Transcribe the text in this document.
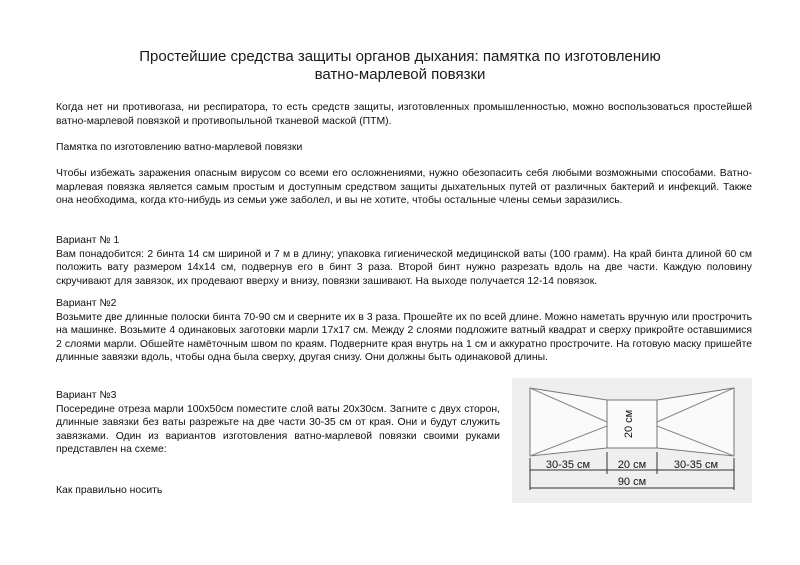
Простейшие средства защиты органов дыхания: памятка по изготовлению
ватно-марлевой повязки

Когда нет ни противогаза, ни респиратора, то есть средств защиты, изготовленных промышленностью, можно воспользоваться простейшей ватно-марлевой повязкой и противопыльной тканевой маской (ПТМ).

Памятка по изготовлению ватно-марлевой повязки

Чтобы избежать заражения опасным вирусом со всеми его осложнениями, нужно обезопасить себя любыми возможными способами. Ватно-марлевая повязка является самым простым и доступным средством защиты дыхательных путей от различных бактерий и инфекций. Также она необходима, когда кто-нибудь из семьи уже заболел, и вы не хотите, чтобы остальные члены семьи заразились.

Вариант № 1

Вам понадобится: 2 бинта 14 см шириной и 7 м в длину; упаковка гигиенической медицинской ваты (100 грамм). На край бинта длиной 60 см положить вату размером 14х14 см, подвернув его в бинт 3 раза. Второй бинт нужно разрезать вдоль на две части. Каждую половину скручивают для завязок, их продевают вверху и внизу, повязки зашивают. На выходе получается 12-14 повязок.

Вариант №2

Возьмите две длинные полоски бинта 70-90 см и сверните их в 3 раза. Прошейте их по всей длине. Можно наметать вручную или прострочить на машинке. Возьмите 4 одинаковых заготовки марли 17х17 см. Между 2 слоями подложите ватный квадрат и сверху прикройте оставшимися 2 слоями марли. Обшейте намёточным швом по краям. Подверните края внутрь на 1 см и аккуратно прострочите. На готовую маску пришейте длинные завязки вдоль, чтобы одна была сверху, другая снизу. Они должны быть одинаковой длины.

Вариант №3

Посередине отреза марли 100х50см поместите слой ваты 20х30см. Загните с двух сторон, длинные завязки без ваты разрежьте на две части 30-35 см от края. Они и будут служить завязками. Один из вариантов изготовления ватно-марлевой повязки своими руками представлен на схеме:

Как правильно носить

20 см
30-35 см	20 см	30-35 см
90 см
